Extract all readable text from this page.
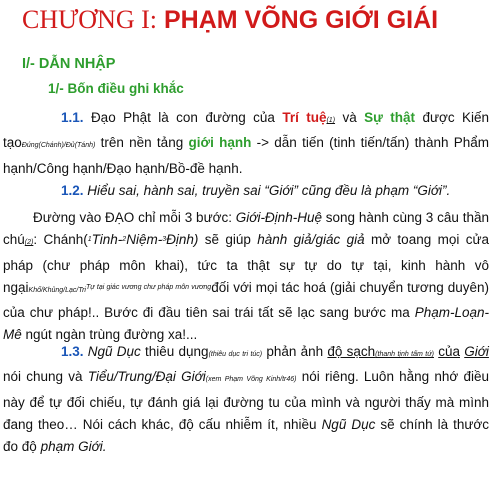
CHƯƠNG I: PHẠM VÕNG GIỚI GIÁI
I/- DẪN NHẬP
1/- Bốn điều ghi khắc

1.1. Đạo Phật là con đường của Trí tuệ(1) và Sự thật được Kiến tạoĐúng(Chánh)/Đủ(Tánh) trên nền tảng giới hạnh -> dẫn tiến (tinh tiến/tấn) thành Phẩm hạnh/Công hạnh/Đạo hạnh/Bồ-đề hạnh.

1.2. Hiểu sai, hành sai, truyền sai “Giới” cũng đều là phạm “Giới”.

Đường vào ĐẠO chỉ mỗi 3 bước: Giới-Định-Huệ song hành cùng 3 câu thần chú(2): Chánh($^1$Tinh-$^2$Niệm-$^3$Định) sẽ giúp hành giả/giác giả mở toang mọi cửa pháp (chư pháp môn khai), tức ta thật sự tự do tự tại, kinh hành vô ngạiKhổ/Khủng/Lạc/Tri$^{Tự tại giác vương chư pháp môn vương}$đối với mọi tác hoá (giải chuyển tương duyên) của chư pháp!.. Bước đi đầu tiên sai trái tất sẽ lạc sang bước ma Phạm-Loạn-Mê ngút ngàn trùng đường xa!...

1.3. Ngũ Dục thiêu dụng(thiêu dục tri túc) phản ảnh độ sạch(thanh tịnh tấm tứ) của Giới nói chung và Tiểu/Trung/Đại Giới(xem Phạm Võng Kinh/tr46) nói riêng. Luôn hằng nhớ điều này để tự đối chiếu, tự đánh giá lại đường tu của mình và người thấy mà mình đang theo… Nói cách khác, độ cấu nhiễm ít, nhiều Ngũ Dục sẽ chính là thước đo độ phạm Giới.
